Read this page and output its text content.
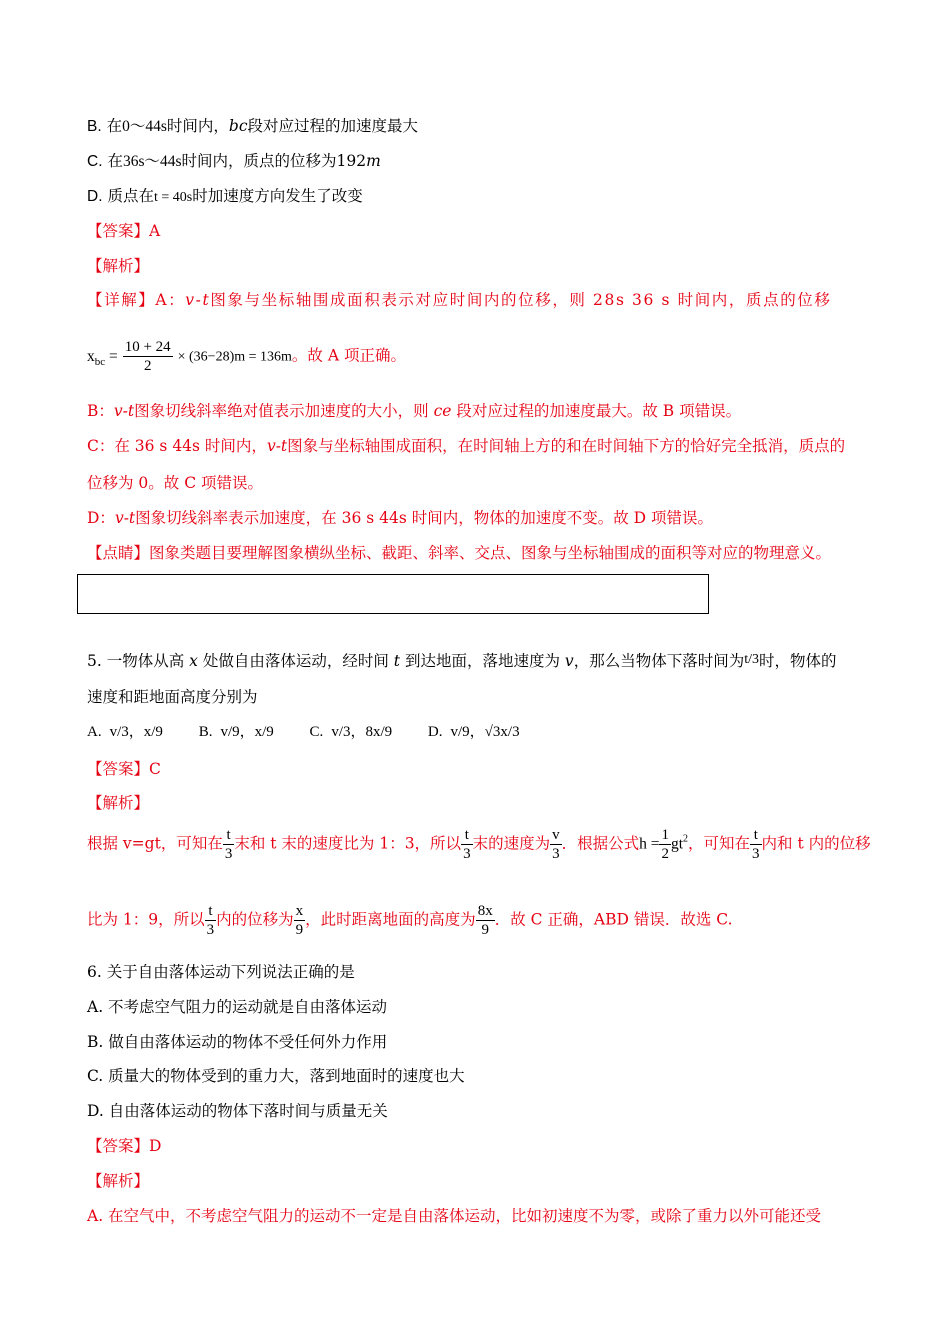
B. 在0～44s时间内，bc段对应过程的加速度最大
C. 在36s～44s时间内，质点的位移为192m
D. 质点在t = 40s时加速度方向发生了改变
【答案】A
【解析】
【详解】A：v-t图象与坐标轴围成面积表示对应时间内的位移，则 28s 36 s 时间内，质点的位移
$x_{bc} = \frac{10 + 24}{2} \times (36-28)m = 136m$。故 A 项正确。
B：v-t图象切线斜率绝对值表示加速度的大小，则 ce 段对应过程的加速度最大。故 B 项错误。
C：在 36 s 44s 时间内，v-t图象与坐标轴围成面积，在时间轴上方的和在时间轴下方的恰好完全抵消，质点的
位移为 0。故 C 项错误。
D：v-t图象切线斜率表示加速度，在 36 s 44s 时间内，物体的加速度不变。故 D 项错误。
【点睛】图象类题目要理解图象横纵坐标、截距、斜率、交点、图象与坐标轴围成的面积等对应的物理意义。
5. 一物体从高 x 处做自由落体运动，经时间 t 到达地面，落地速度为 v，那么当物体下落时间为t/3时，物体的
速度和距地面高度分别为
A. v/3，x/9 B. v/9，x/9 C. v/3，8x/9 D. v/9，√3x/3
【答案】C
【解析】
根据 v=gt，可知在 $\frac{t}{3}$ 末和 t 末的速度比为 1：3，所以 $\frac{t}{3}$ 末的速度为 $\frac{v}{3}$ ．根据公式$h = \frac{1}{2} gt^2$，可知在 $\frac{t}{3}$ 内和 t 内的位移
比为 1：9，所以 $\frac{t}{3}$ 内的位移为 $\frac{x}{9}$ ，此时距离地面的高度为 $\frac{8x}{9}$ ．故 C 正确，ABD 错误．故选 C.
6. 关于自由落体运动下列说法正确的是
A. 不考虑空气阻力的运动就是自由落体运动
B. 做自由落体运动的物体不受任何外力作用
C. 质量大的物体受到的重力大，落到地面时的速度也大
D. 自由落体运动的物体下落时间与质量无关
【答案】D
【解析】
A. 在空气中，不考虑空气阻力的运动不一定是自由落体运动，比如初速度不为零，或除了重力以外可能还受
